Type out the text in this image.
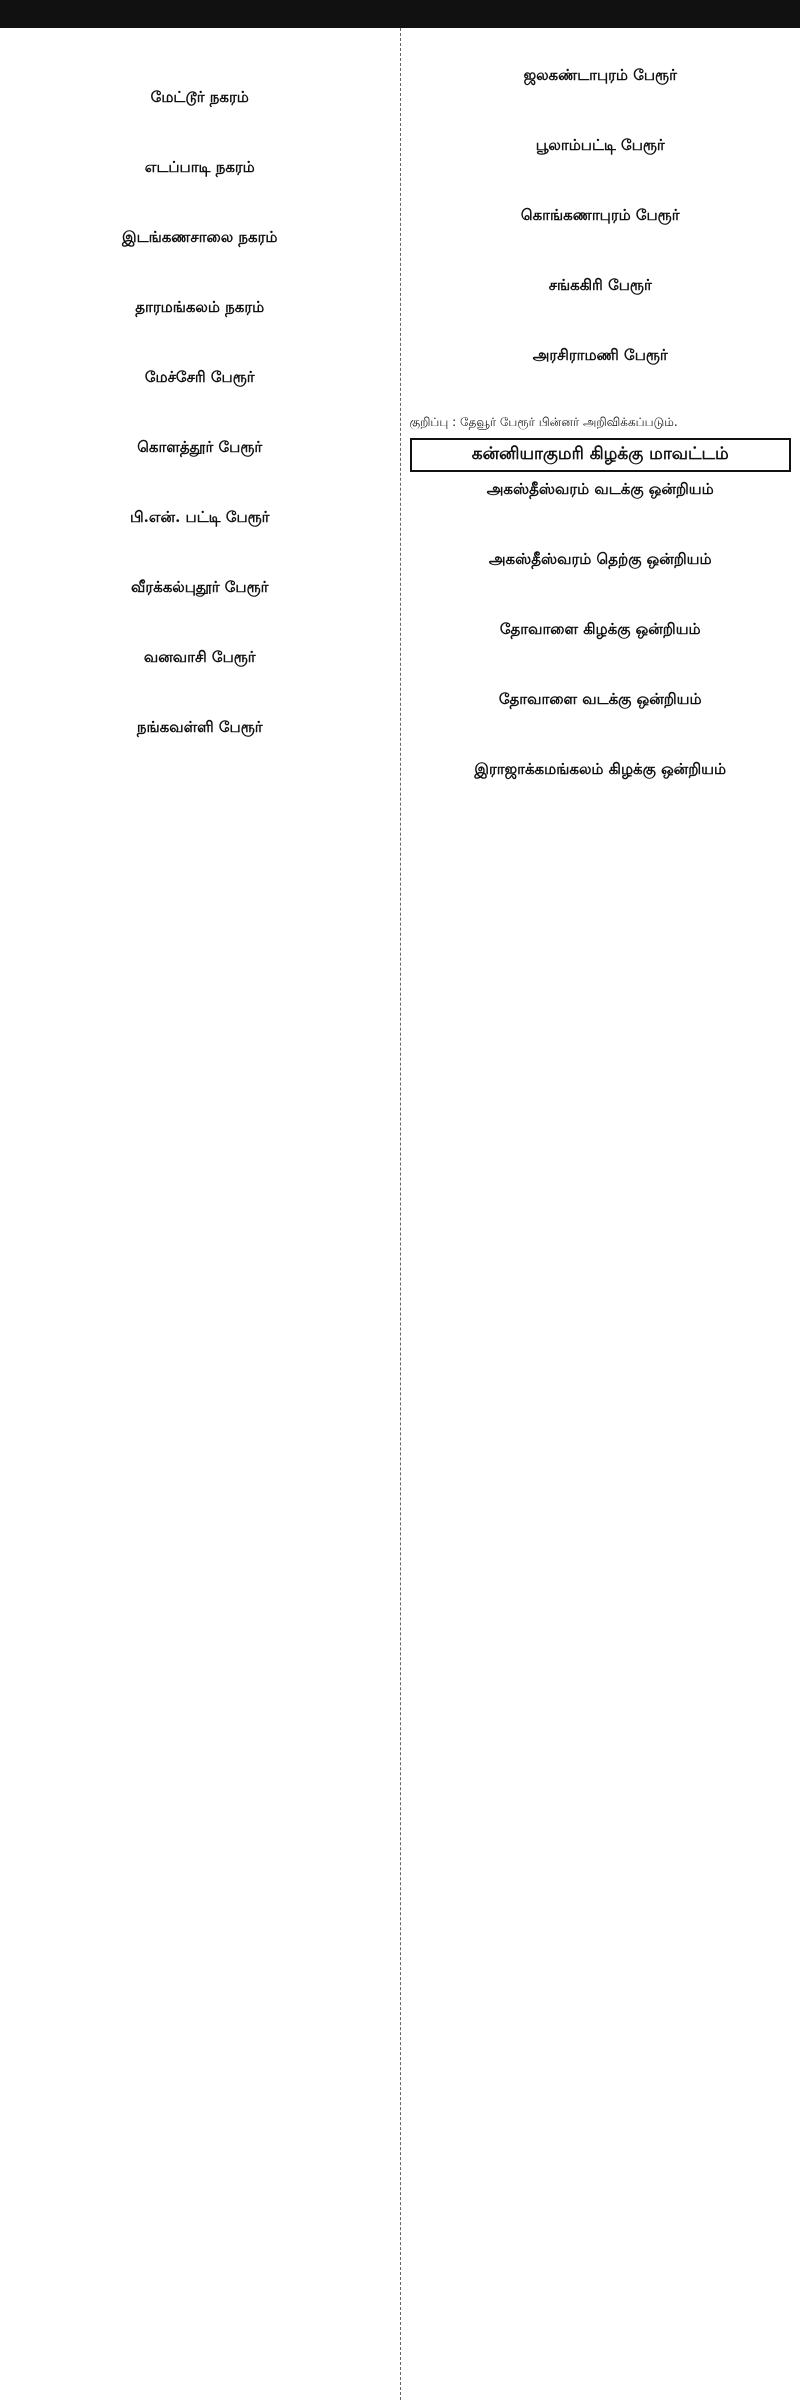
மேட்டூர் நகரம்

எடப்பாடி நகரம்

இடங்கணசாலை நகரம்

தாரமங்கலம் நகரம்

மேச்சேரி பேரூர்

கொளத்தூர் பேரூர்

பி.என். பட்டி பேரூர்

வீரக்கல்புதூர் பேரூர்

வனவாசி பேரூர்

நங்கவள்ளி பேரூர்

ஜலகண்டாபுரம் பேரூர்

பூலாம்பட்டி பேரூர்

கொங்கணாபுரம் பேரூர்

சங்ககிரி பேரூர்

அரசிராமணி பேரூர்

குறிப்பு : தேவூர் பேரூர் பின்னர் அறிவிக்கப்படும்.

கன்னியாகுமரி கிழக்கு மாவட்டம்
அகஸ்தீஸ்வரம் வடக்கு ஒன்றியம்

அகஸ்தீஸ்வரம் தெற்கு ஒன்றியம்

தோவாளை கிழக்கு ஒன்றியம்

தோவாளை வடக்கு ஒன்றியம்

இராஜாக்கமங்கலம் கிழக்கு ஒன்றியம்
